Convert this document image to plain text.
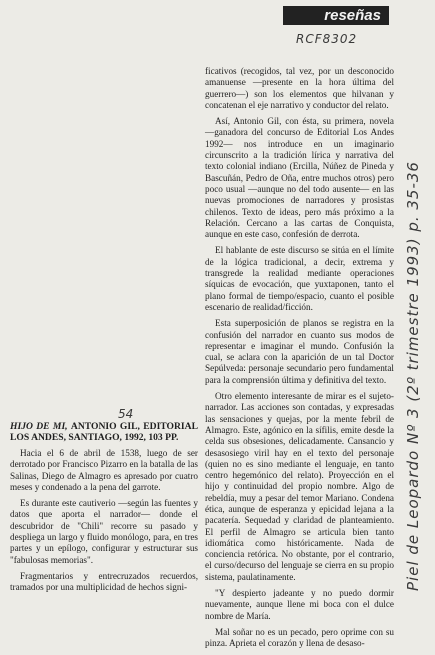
reseñas
RCF8302
Piel de Leopardo Nº 3 (2º trimestre 1993) p. 35-36

ficativos (recogidos, tal vez, por un desconocido amanuense —presente en la hora última del guerrero—) son los elementos que hilvanan y concatenan el eje narrativo y conductor del relato.

Así, Antonio Gil, con ésta, su primera, novela —ganadora del concurso de Editorial Los Andes 1992— nos introduce en un imaginario circunscrito a la tradición lírica y narrativa del texto colonial indiano (Ercilla, Núñez de Pineda y Bascuñán, Pedro de Oña, entre muchos otros) pero poco usual —aunque no del todo ausente— en las nuevas promociones de narradores y prosistas chilenos. Texto de ideas, pero más próximo a la Relación. Cercano a las cartas de Conquista, aunque en este caso, confesión de derrota.

El hablante de este discurso se sitúa en el límite de la lógica tradicional, a decir, extrema y transgrede la realidad mediante operaciones síquicas de evocación, que yuxtaponen, tanto el plano formal de tiempo/espacio, cuanto el posible escenario de realidad/ficción.

Esta superposición de planos se registra en la confusión del narrador en cuanto sus modos de representar e imaginar el mundo. Confusión la cual, se aclara con la aparición de un tal Doctor Sepúlveda: personaje secundario pero fundamental para la comprensión última y definitiva del texto.

Otro elemento interesante de mirar es el sujeto-narrador. Las acciones son contadas, y expresadas las sensaciones y quejas, por la mente febril de Almagro. Este, agónico en la sífilis, emite desde la celda sus obsesiones, delicadamente. Cansancio y desasosiego viril hay en el texto del personaje (quien no es sino mediante el lenguaje, en tanto centro hegemónico del relato). Proyección en el hijo y continuidad del propio nombre. Algo de rebeldía, muy a pesar del temor Mariano. Condena ética, aunque de esperanza y epicidad lejana a la pacatería. Sequedad y claridad de planteamiento. El perfil de Almagro se articula bien tanto idiomática como históricamente. Nada de conciencia retórica. No obstante, por el contrario, el curso/decurso del lenguaje se cierra en su propio sistema, paulatinamente.

"Y despierto jadeante y no puedo dormir nuevamente, aunque llene mi boca con el dulce nombre de María.

Mal soñar no es un pecado, pero oprime con su pinza. Aprieta el corazón y llena de desaso-

54

HIJO DE MI, ANTONIO GIL, EDITORIAL LOS ANDES, SANTIAGO, 1992, 103 PP.

Hacia el 6 de abril de 1538, luego de ser derrotado por Francisco Pizarro en la batalla de las Salinas, Diego de Almagro es apresado por cuatro meses y condenado a la pena del garrote.

Es durante este cautiverio —según las fuentes y datos que aporta el narrador— donde el descubridor de "Chili" recorre su pasado y despliega un largo y fluido monólogo, para, en tres partes y un epílogo, configurar y estructurar sus "fabulosas memorias".

Fragmentarios y entrecruzados recuerdos, tramados por una multiplicidad de hechos signi-
